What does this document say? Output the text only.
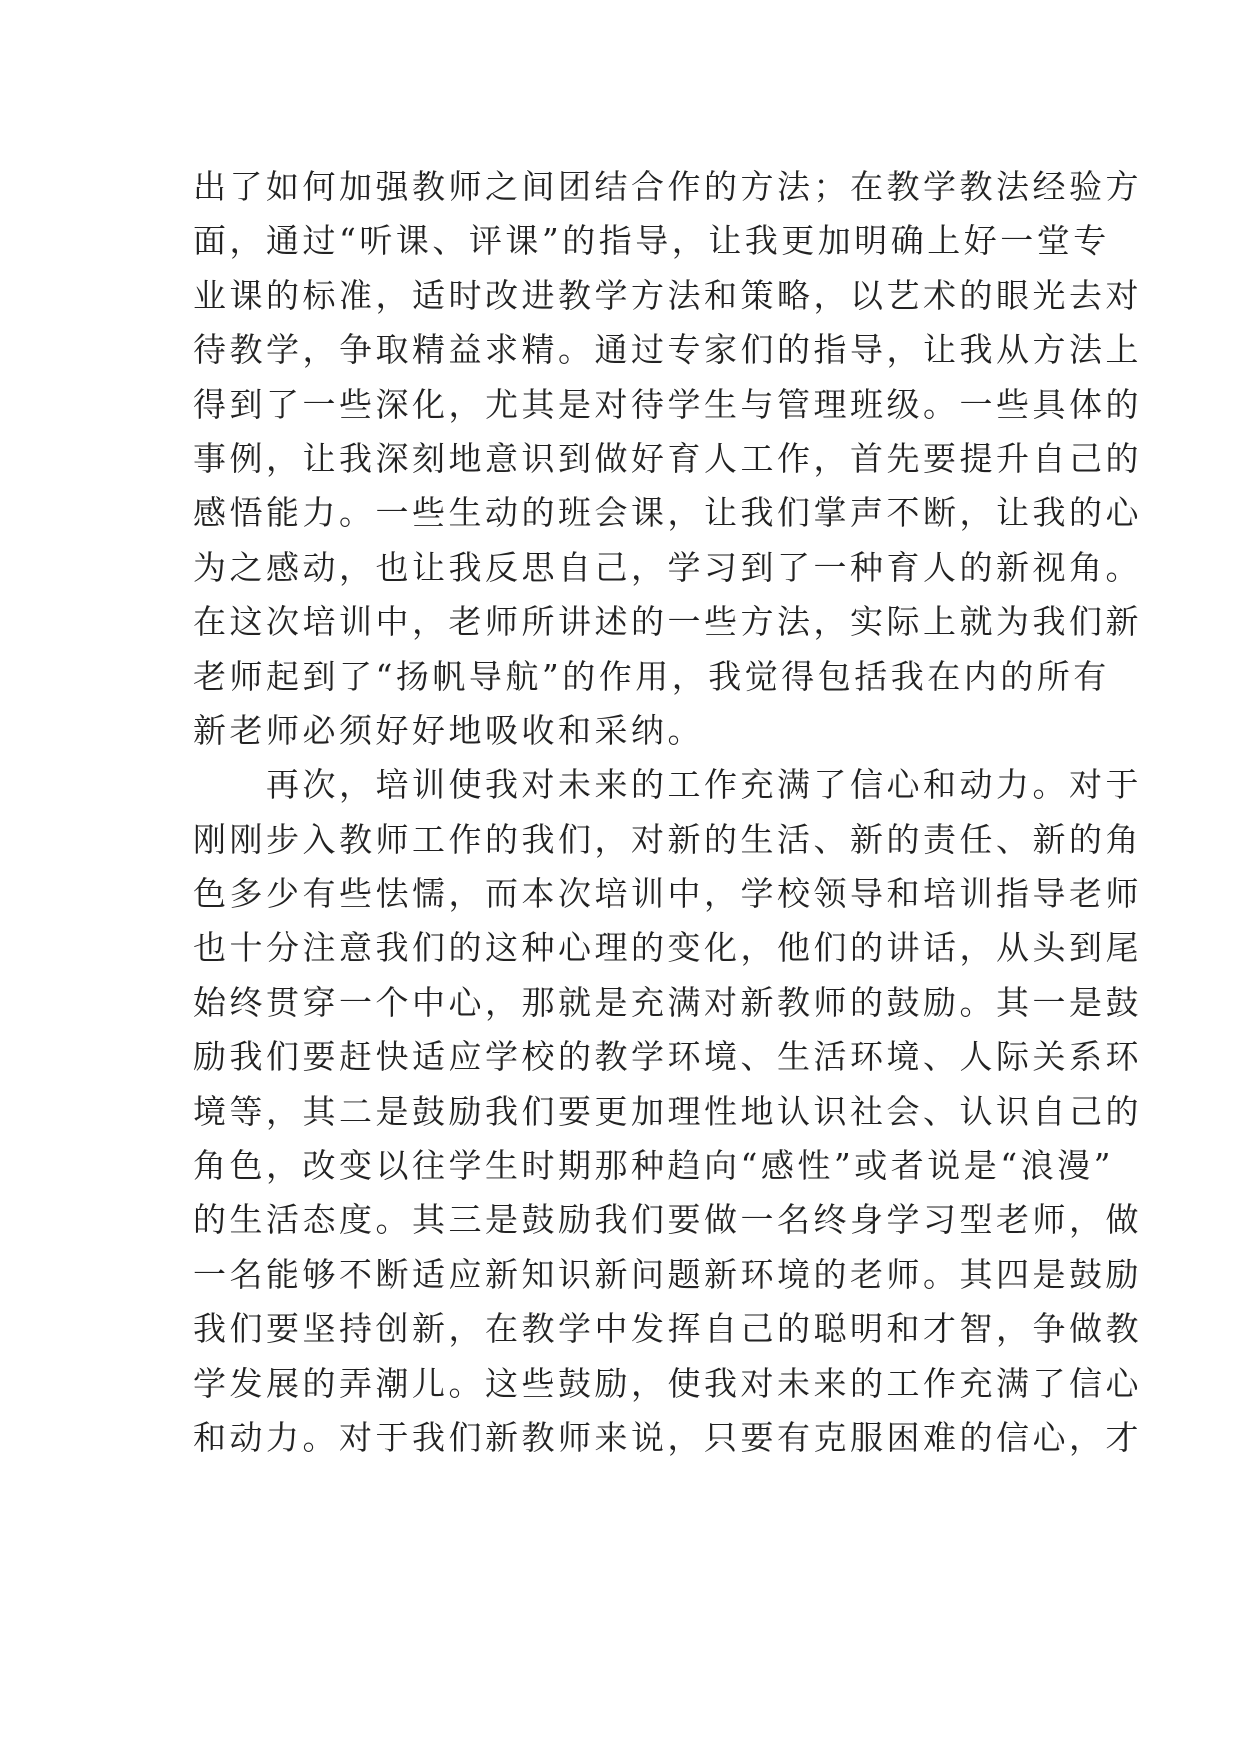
出了如何加强教师之间团结合作的方法；在教学教法经验方
面，通过“听课、评课”的指导，让我更加明确上好一堂专
业课的标准，适时改进教学方法和策略，以艺术的眼光去对
待教学，争取精益求精。通过专家们的指导，让我从方法上
得到了一些深化，尤其是对待学生与管理班级。一些具体的
事例，让我深刻地意识到做好育人工作，首先要提升自己的
感悟能力。一些生动的班会课，让我们掌声不断，让我的心
为之感动，也让我反思自己，学习到了一种育人的新视角。
在这次培训中，老师所讲述的一些方法，实际上就为我们新
老师起到了“扬帆导航”的作用，我觉得包括我在内的所有
新老师必须好好地吸收和采纳。
　　再次，培训使我对未来的工作充满了信心和动力。对于
刚刚步入教师工作的我们，对新的生活、新的责任、新的角
色多少有些怯懦，而本次培训中，学校领导和培训指导老师
也十分注意我们的这种心理的变化，他们的讲话，从头到尾
始终贯穿一个中心，那就是充满对新教师的鼓励。其一是鼓
励我们要赶快适应学校的教学环境、生活环境、人际关系环
境等，其二是鼓励我们要更加理性地认识社会、认识自己的
角色，改变以往学生时期那种趋向“感性”或者说是“浪漫”
的生活态度。其三是鼓励我们要做一名终身学习型老师，做
一名能够不断适应新知识新问题新环境的老师。其四是鼓励
我们要坚持创新，在教学中发挥自己的聪明和才智，争做教
学发展的弄潮儿。这些鼓励，使我对未来的工作充满了信心
和动力。对于我们新教师来说，只要有克服困难的信心，才
